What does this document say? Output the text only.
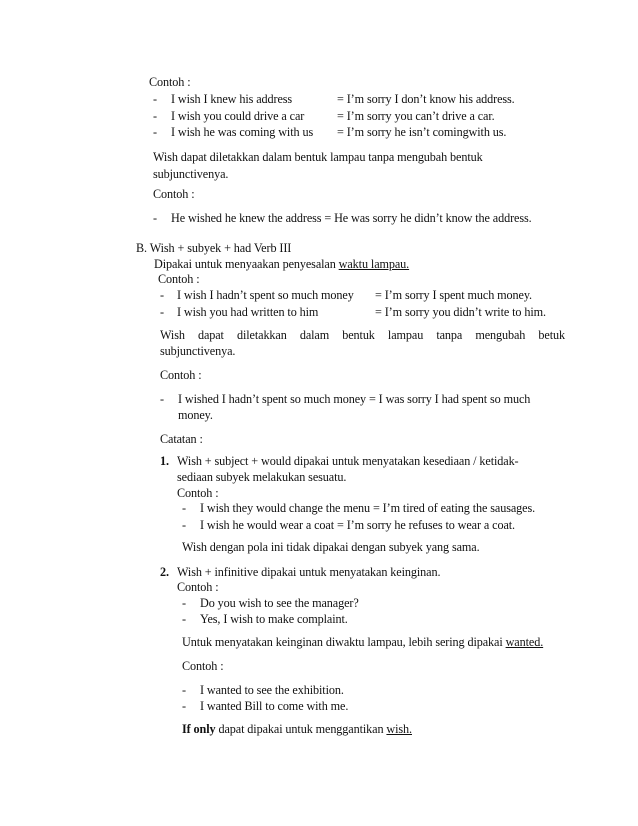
Contoh :
- I wish I knew his address	= I’m sorry I don’t know his address.
- I wish you could drive a car	= I’m sorry you can’t drive a car.
- I wish he was coming with us = I’m sorry he isn’t comingwith us.
Wish dapat diletakkan dalam bentuk lampau tanpa mengubah bentuk
subjunctivenya.
Contoh :
- He wished he knew the address = He was sorry he didn’t know the address.
B. Wish + subyek + had Verb III
Dipakai untuk menyaakan penyesalan waktu lampau.
Contoh :
- I wish I hadn’t spent so much money = I’m sorry I spent much money.
- I wish you had written to him	= I’m sorry you didn’t write to him.
Wish dapat diletakkan dalam bentuk lampau tanpa mengubah betuk
subjunctivenya.
Contoh :
- I wished I hadn’t spent so much money = I was sorry I had spent so much
money.
Catatan :
1. Wish + subject + would dipakai untuk menyatakan kesediaan / ketidak-
sediaan subyek melakukan sesuatu.
Contoh :
- I wish they would change the menu = I’m tired of eating the sausages.
- I wish he would wear a coat = I’m sorry he refuses to wear a coat.
Wish dengan pola ini tidak dipakai dengan subyek yang sama.
2. Wish + infinitive dipakai untuk menyatakan keinginan.
Contoh :
- Do you wish to see the manager?
- Yes, I wish to make complaint.
Untuk menyatakan keinginan diwaktu lampau, lebih sering dipakai wanted.
Contoh :
- I wanted to see the exhibition.
- I wanted Bill to come with me.
If only dapat dipakai untuk menggantikan wish.
